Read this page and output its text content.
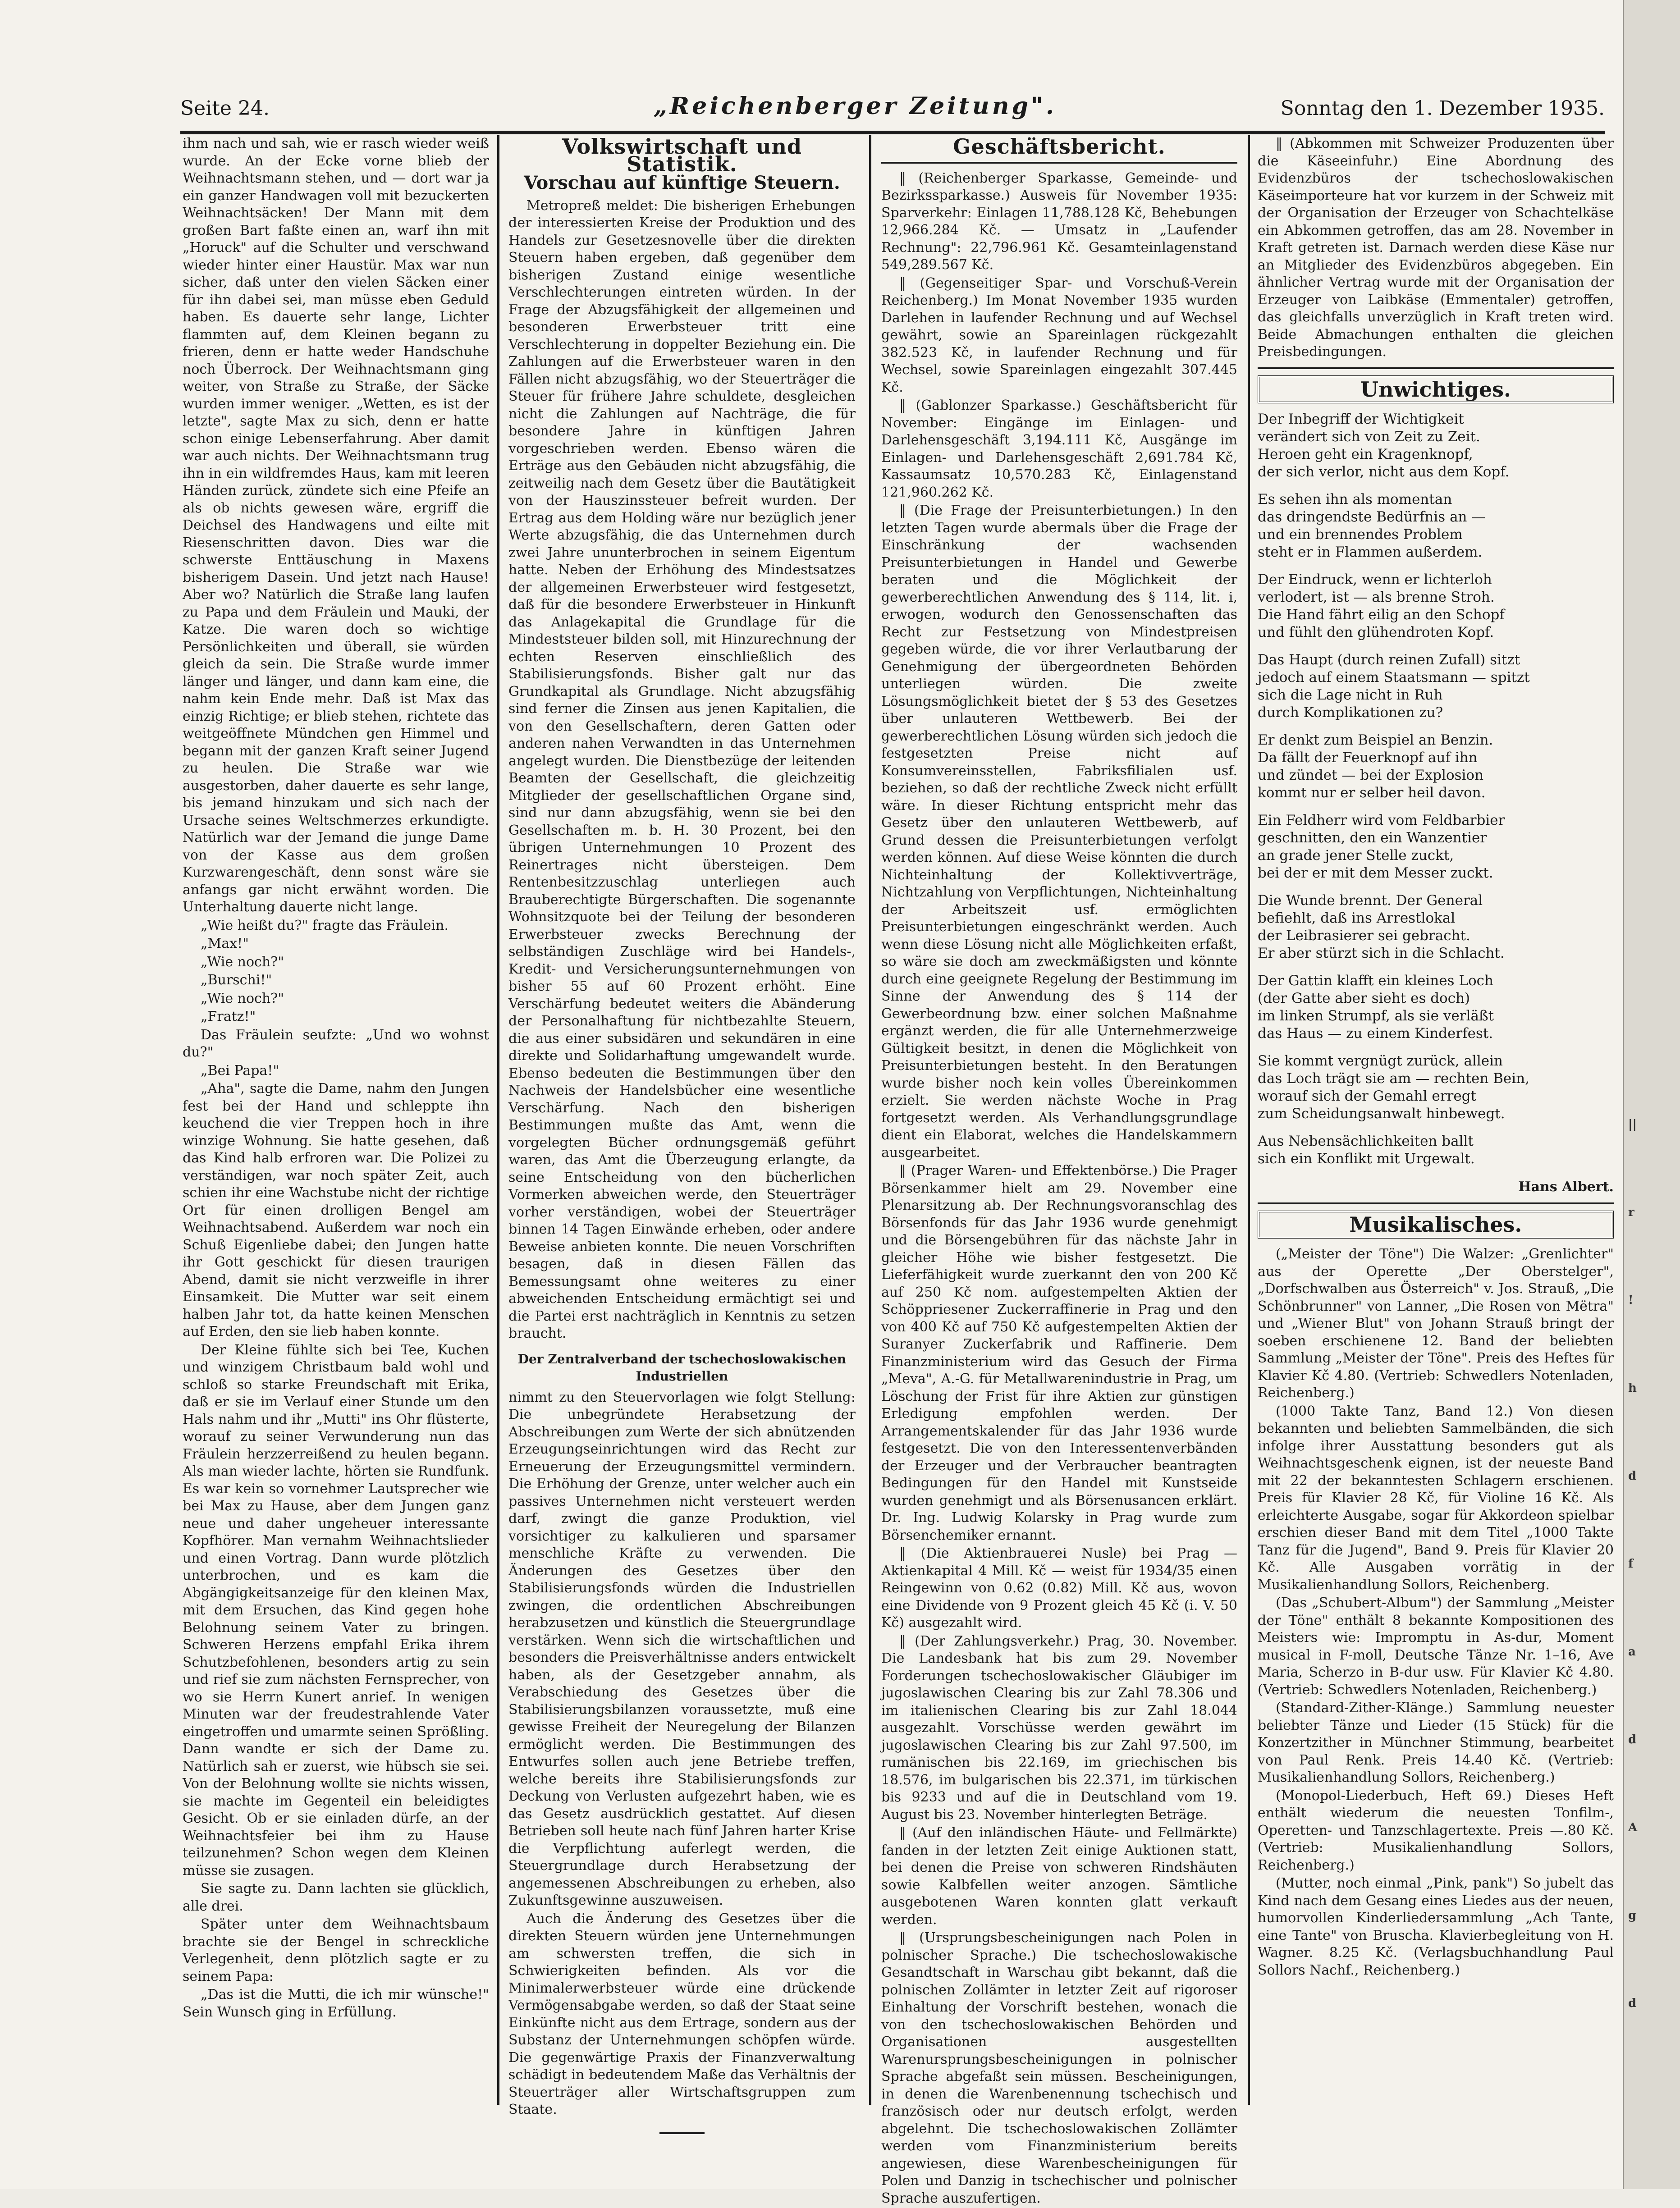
Seite 24.	„Reichenberger Zeitung".	Sonntag den 1. Dezember 1935.

ihm nach und sah, wie er rasch wieder weiß wurde. An der Ecke vorne blieb der Weihnachtsmann stehen, und — dort war ja ein ganzer Handwagen voll mit bezuckerten Weihnachtsäcken! Der Mann mit dem großen Bart faßte einen an, warf ihn mit „Horuck" auf die Schulter und verschwand wieder hinter einer Haustür. Max war nun sicher, daß unter den vielen Säcken einer für ihn dabei sei, man müsse eben Geduld haben. Es dauerte sehr lange, Lichter flammten auf, dem Kleinen begann zu frieren, denn er hatte weder Handschuhe noch Überrock. Der Weihnachtsmann ging weiter, von Straße zu Straße, der Säcke wurden immer weniger. „Wetten, es ist der letzte", sagte Max zu sich, denn er hatte schon einige Lebenserfahrung. Aber damit war auch nichts. Der Weihnachtsmann trug ihn in ein wildfremdes Haus, kam mit leeren Händen zurück, zündete sich eine Pfeife an als ob nichts gewesen wäre, ergriff die Deichsel des Handwagens und eilte mit Riesenschritten davon. Dies war die schwerste Enttäuschung in Maxens bisherigem Dasein. Und jetzt nach Hause! Aber wo? Natürlich die Straße lang laufen zu Papa und dem Fräulein und Mauki, der Katze. Die waren doch so wichtige Persönlichkeiten und überall, sie würden gleich da sein. Die Straße wurde immer länger und länger, und dann kam eine, die nahm kein Ende mehr. Daß ist Max das einzig Richtige; er blieb stehen, richtete das weitgeöffnete Mündchen gen Himmel und begann mit der ganzen Kraft seiner Jugend zu heulen. Die Straße war wie ausgestorben, daher dauerte es sehr lange, bis jemand hinzukam und sich nach der Ursache seines Weltschmerzes erkundigte. Natürlich war der Jemand die junge Dame von der Kasse aus dem großen Kurzwarengeschäft, denn sonst wäre sie anfangs gar nicht erwähnt worden. Die Unterhaltung dauerte nicht lange.

„Wie heißt du?" fragte das Fräulein.

„Max!"

„Wie noch?"

„Burschi!"

„Wie noch?"

„Fratz!"

Das Fräulein seufzte: „Und wo wohnst du?"

„Bei Papa!"

„Aha", sagte die Dame, nahm den Jungen fest bei der Hand und schleppte ihn keuchend die vier Treppen hoch in ihre winzige Wohnung. Sie hatte gesehen, daß das Kind halb erfroren war. Die Polizei zu verständigen, war noch später Zeit, auch schien ihr eine Wachstube nicht der richtige Ort für einen drolligen Bengel am Weihnachtsabend. Außerdem war noch ein Schuß Eigenliebe dabei; den Jungen hatte ihr Gott geschickt für diesen traurigen Abend, damit sie nicht verzweifle in ihrer Einsamkeit. Die Mutter war seit einem halben Jahr tot, da hatte keinen Menschen auf Erden, den sie lieb haben konnte.

Der Kleine fühlte sich bei Tee, Kuchen und winzigem Christbaum bald wohl und schloß so starke Freundschaft mit Erika, daß er sie im Verlauf einer Stunde um den Hals nahm und ihr „Mutti" ins Ohr flüsterte, worauf zu seiner Verwunderung nun das Fräulein herzzerreißend zu heulen begann. Als man wieder lachte, hörten sie Rundfunk. Es war kein so vornehmer Lautsprecher wie bei Max zu Hause, aber dem Jungen ganz neue und daher ungeheuer interessante Kopfhörer. Man vernahm Weihnachtslieder und einen Vortrag. Dann wurde plötzlich unterbrochen, und es kam die Abgängigkeitsanzeige für den kleinen Max, mit dem Ersuchen, das Kind gegen hohe Belohnung seinem Vater zu bringen. Schweren Herzens empfahl Erika ihrem Schutzbefohlenen, besonders artig zu sein und rief sie zum nächsten Fernsprecher, von wo sie Herrn Kunert anrief. In wenigen Minuten war der freudestrahlende Vater eingetroffen und umarmte seinen Sprößling. Dann wandte er sich der Dame zu. Natürlich sah er zuerst, wie hübsch sie sei. Von der Belohnung wollte sie nichts wissen, sie machte im Gegenteil ein beleidigtes Gesicht. Ob er sie einladen dürfe, an der Weihnachtsfeier bei ihm zu Hause teilzunehmen? Schon wegen dem Kleinen müsse sie zusagen.

Sie sagte zu. Dann lachten sie glücklich, alle drei.

Später unter dem Weihnachtsbaum brachte sie der Bengel in schreckliche Verlegenheit, denn plötzlich sagte er zu seinem Papa:

„Das ist die Mutti, die ich mir wünsche!" Sein Wunsch ging in Erfüllung.

Volkswirtschaft und Statistik.
Vorschau auf künftige Steuern.

Metropreß meldet: Die bisherigen Erhebungen der interessierten Kreise der Produktion und des Handels zur Gesetzesnovelle über die direkten Steuern haben ergeben, daß gegenüber dem bisherigen Zustand einige wesentliche Verschlechterungen eintreten würden. In der Frage der Abzugsfähigkeit der allgemeinen und besonderen Erwerbsteuer tritt eine Verschlechterung in doppelter Beziehung ein. Die Zahlungen auf die Erwerbsteuer waren in den Fällen nicht abzugsfähig, wo der Steuerträger die Steuer für frühere Jahre schuldete, desgleichen nicht die Zahlungen auf Nachträge, die für besondere Jahre in künftigen Jahren vorgeschrieben werden. Ebenso wären die Erträge aus den Gebäuden nicht abzugsfähig, die zeitweilig nach dem Gesetz über die Bautätigkeit von der Hauszinssteuer befreit wurden. Der Ertrag aus dem Holding wäre nur bezüglich jener Werte abzugsfähig, die das Unternehmen durch zwei Jahre ununterbrochen in seinem Eigentum hatte. Neben der Erhöhung des Mindestsatzes der allgemeinen Erwerbsteuer wird festgesetzt, daß für die besondere Erwerbsteuer in Hinkunft das Anlagekapital die Grundlage für die Mindeststeuer bilden soll, mit Hinzurechnung der echten Reserven einschließlich des Stabilisierungsfonds. Bisher galt nur das Grundkapital als Grundlage. Nicht abzugsfähig sind ferner die Zinsen aus jenen Kapitalien, die von den Gesellschaftern, deren Gatten oder anderen nahen Verwandten in das Unternehmen angelegt wurden. Die Dienstbezüge der leitenden Beamten der Gesellschaft, die gleichzeitig Mitglieder der gesellschaftlichen Organe sind, sind nur dann abzugsfähig, wenn sie bei den Gesellschaften m. b. H. 30 Prozent, bei den übrigen Unternehmungen 10 Prozent des Reinertrages nicht übersteigen. Dem Rentenbesitzzuschlag unterliegen auch Brauberechtigte Bürgerschaften. Die sogenannte Wohnsitzquote bei der Teilung der besonderen Erwerbsteuer zwecks Berechnung der selbständigen Zuschläge wird bei Handels-, Kredit- und Versicherungsunternehmungen von bisher 55 auf 60 Prozent erhöht. Eine Verschärfung bedeutet weiters die Abänderung der Personalhaftung für nichtbezahlte Steuern, die aus einer subsidären und sekundären in eine direkte und Solidarhaftung umgewandelt wurde. Ebenso bedeuten die Bestimmungen über den Nachweis der Handelsbücher eine wesentliche Verschärfung. Nach den bisherigen Bestimmungen mußte das Amt, wenn die vorgelegten Bücher ordnungsgemäß geführt waren, das Amt die Überzeugung erlangte, da seine Entscheidung von den bücherlichen Vormerken abweichen werde, den Steuerträger vorher verständigen, wobei der Steuerträger binnen 14 Tagen Einwände erheben, oder andere Beweise anbieten konnte. Die neuen Vorschriften besagen, daß in diesen Fällen das Bemessungsamt ohne weiteres zu einer abweichenden Entscheidung ermächtigt sei und die Partei erst nachträglich in Kenntnis zu setzen braucht.

Der Zentralverband der tschechoslowakischen Industriellen

nimmt zu den Steuervorlagen wie folgt Stellung: Die unbegründete Herabsetzung der Abschreibungen zum Werte der sich abnützenden Erzeugungseinrichtungen wird das Recht zur Erneuerung der Erzeugungsmittel vermindern. Die Erhöhung der Grenze, unter welcher auch ein passives Unternehmen nicht versteuert werden darf, zwingt die ganze Produktion, viel vorsichtiger zu kalkulieren und sparsamer menschliche Kräfte zu verwenden. Die Änderungen des Gesetzes über den Stabilisierungsfonds würden die Industriellen zwingen, die ordentlichen Abschreibungen herabzusetzen und künstlich die Steuergrundlage verstärken. Wenn sich die wirtschaftlichen und besonders die Preisverhältnisse anders entwickelt haben, als der Gesetzgeber annahm, als Verabschiedung des Gesetzes über die Stabilisierungsbilanzen voraussetzte, muß eine gewisse Freiheit der Neuregelung der Bilanzen ermöglicht werden. Die Bestimmungen des Entwurfes sollen auch jene Betriebe treffen, welche bereits ihre Stabilisierungsfonds zur Deckung von Verlusten aufgezehrt haben, wie es das Gesetz ausdrücklich gestattet. Auf diesen Betrieben soll heute nach fünf Jahren harter Krise die Verpflichtung auferlegt werden, die Steuergrundlage durch Herabsetzung der angemessenen Abschreibungen zu erheben, also Zukunftsgewinne auszuweisen.

Auch die Änderung des Gesetzes über die direkten Steuern würden jene Unternehmungen am schwersten treffen, die sich in Schwierigkeiten befinden. Als vor die Minimalerwerbsteuer würde eine drückende Vermögensabgabe werden, so daß der Staat seine Einkünfte nicht aus dem Ertrage, sondern aus der Substanz der Unternehmungen schöpfen würde. Die gegenwärtige Praxis der Finanzverwaltung schädigt in bedeutendem Maße das Verhältnis der Steuerträger aller Wirtschaftsgruppen zum Staate.

Geschäftsbericht.

‖ (Reichenberger Sparkasse, Gemeinde- und Bezirkssparkasse.) Ausweis für November 1935: Sparverkehr: Einlagen 11,788.128 Kč, Behebungen 12,966.284 Kč. — Umsatz in „Laufender Rechnung": 22,796.961 Kč. Gesamteinlagenstand 549,289.567 Kč.

‖ (Gegenseitiger Spar- und Vorschuß-Verein Reichenberg.) Im Monat November 1935 wurden Darlehen in laufender Rechnung und auf Wechsel gewährt, sowie an Spareinlagen rückgezahlt 382.523 Kč, in laufender Rechnung und für Wechsel, sowie Spareinlagen eingezahlt 307.445 Kč.

‖ (Gablonzer Sparkasse.) Geschäftsbericht für November: Eingänge im Einlagen- und Darlehensgeschäft 3,194.111 Kč, Ausgänge im Einlagen- und Darlehensgeschäft 2,691.784 Kč, Kassaumsatz 10,570.283 Kč, Einlagenstand 121,960.262 Kč.

‖ (Die Frage der Preisunterbietungen.) In den letzten Tagen wurde abermals über die Frage der Einschränkung der wachsenden Preisunterbietungen in Handel und Gewerbe beraten und die Möglichkeit der gewerberechtlichen Anwendung des § 114, lit. i, erwogen, wodurch den Genossenschaften das Recht zur Festsetzung von Mindestpreisen gegeben würde, die vor ihrer Verlautbarung der Genehmigung der übergeordneten Behörden unterliegen würden. Die zweite Lösungsmöglichkeit bietet der § 53 des Gesetzes über unlauteren Wettbewerb. Bei der gewerberechtlichen Lösung würden sich jedoch die festgesetzten Preise nicht auf Konsumvereinsstellen, Fabriksfilialen usf. beziehen, so daß der rechtliche Zweck nicht erfüllt wäre. In dieser Richtung entspricht mehr das Gesetz über den unlauteren Wettbewerb, auf Grund dessen die Preisunterbietungen verfolgt werden können. Auf diese Weise könnten die durch Nichteinhaltung der Kollektivverträge, Nichtzahlung von Verpflichtungen, Nichteinhaltung der Arbeitszeit usf. ermöglichten Preisunterbietungen eingeschränkt werden. Auch wenn diese Lösung nicht alle Möglichkeiten erfaßt, so wäre sie doch am zweckmäßigsten und könnte durch eine geeignete Regelung der Bestimmung im Sinne der Anwendung des § 114 der Gewerbeordnung bzw. einer solchen Maßnahme ergänzt werden, die für alle Unternehmerzweige Gültigkeit besitzt, in denen die Möglichkeit von Preisunterbietungen besteht. In den Beratungen wurde bisher noch kein volles Übereinkommen erzielt. Sie werden nächste Woche in Prag fortgesetzt werden. Als Verhandlungsgrundlage dient ein Elaborat, welches die Handelskammern ausgearbeitet.

‖ (Prager Waren- und Effektenbörse.) Die Prager Börsenkammer hielt am 29. November eine Plenarsitzung ab. Der Rechnungsvoranschlag des Börsenfonds für das Jahr 1936 wurde genehmigt und die Börsengebühren für das nächste Jahr in gleicher Höhe wie bisher festgesetzt. Die Lieferfähigkeit wurde zuerkannt den von 200 Kč auf 250 Kč nom. aufgestempelten Aktien der Schöppriesener Zuckerraffinerie in Prag und den von 400 Kč auf 750 Kč aufgestempelten Aktien der Suranyer Zuckerfabrik und Raffinerie. Dem Finanzministerium wird das Gesuch der Firma „Meva", A.-G. für Metallwarenindustrie in Prag, um Löschung der Frist für ihre Aktien zur günstigen Erledigung empfohlen werden. Der Arrangementskalender für das Jahr 1936 wurde festgesetzt. Die von den Interessentenverbänden der Erzeuger und der Verbraucher beantragten Bedingungen für den Handel mit Kunstseide wurden genehmigt und als Börsenusancen erklärt. Dr. Ing. Ludwig Kolarsky in Prag wurde zum Börsenchemiker ernannt.

‖ (Die Aktienbrauerei Nusle) bei Prag — Aktienkapital 4 Mill. Kč — weist für 1934/35 einen Reingewinn von 0.62 (0.82) Mill. Kč aus, wovon eine Dividende von 9 Prozent gleich 45 Kč (i. V. 50 Kč) ausgezahlt wird.

‖ (Der Zahlungsverkehr.) Prag, 30. November. Die Landesbank hat bis zum 29. November Forderungen tschechoslowakischer Gläubiger im jugoslawischen Clearing bis zur Zahl 78.306 und im italienischen Clearing bis zur Zahl 18.044 ausgezahlt. Vorschüsse werden gewährt im jugoslawischen Clearing bis zur Zahl 97.500, im rumänischen bis 22.169, im griechischen bis 18.576, im bulgarischen bis 22.371, im türkischen bis 9233 und auf die in Deutschland vom 19. August bis 23. November hinterlegten Beträge.

‖ (Auf den inländischen Häute- und Fellmärkte) fanden in der letzten Zeit einige Auktionen statt, bei denen die Preise von schweren Rindshäuten sowie Kalbfellen weiter anzogen. Sämtliche ausgebotenen Waren konnten glatt verkauft werden.

‖ (Ursprungsbescheinigungen nach Polen in polnischer Sprache.) Die tschechoslowakische Gesandtschaft in Warschau gibt bekannt, daß die polnischen Zollämter in letzter Zeit auf rigoroser Einhaltung der Vorschrift bestehen, wonach die von den tschechoslowakischen Behörden und Organisationen ausgestellten Warenursprungsbescheinigungen in polnischer Sprache abgefaßt sein müssen. Bescheinigungen, in denen die Warenbenennung tschechisch und französisch oder nur deutsch erfolgt, werden abgelehnt. Die tschechoslowakischen Zollämter werden vom Finanzministerium bereits angewiesen, diese Warenbescheinigungen für Polen und Danzig in tschechischer und polnischer Sprache auszufertigen.

‖ (Abkommen mit Schweizer Produzenten über die Käseeinfuhr.) Eine Abordnung des Evidenzbüros der tschechoslowakischen Käseimporteure hat vor kurzem in der Schweiz mit der Organisation der Erzeuger von Schachtelkäse ein Abkommen getroffen, das am 28. November in Kraft getreten ist. Darnach werden diese Käse nur an Mitglieder des Evidenzbüros abgegeben. Ein ähnlicher Vertrag wurde mit der Organisation der Erzeuger von Laibkäse (Emmentaler) getroffen, das gleichfalls unverzüglich in Kraft treten wird. Beide Abmachungen enthalten die gleichen Preisbedingungen.

Unwichtiges.

Der Inbegriff der Wichtigkeit

verändert sich von Zeit zu Zeit.

Heroen geht ein Kragenknopf,

der sich verlor, nicht aus dem Kopf.

Es sehen ihn als momentan

das dringendste Bedürfnis an —

und ein brennendes Problem

steht er in Flammen außerdem.

Der Eindruck, wenn er lichterloh

verlodert, ist — als brenne Stroh.

Die Hand fährt eilig an den Schopf

und fühlt den glühendroten Kopf.

Das Haupt (durch reinen Zufall) sitzt

jedoch auf einem Staatsmann — spitzt

sich die Lage nicht in Ruh

durch Komplikationen zu?

Er denkt zum Beispiel an Benzin.

Da fällt der Feuerknopf auf ihn

und zündet — bei der Explosion

kommt nur er selber heil davon.

Ein Feldherr wird vom Feldbarbier

geschnitten, den ein Wanzentier

an grade jener Stelle zuckt,

bei der er mit dem Messer zuckt.

Die Wunde brennt. Der General

befiehlt, daß ins Arrestlokal

der Leibrasierer sei gebracht.

Er aber stürzt sich in die Schlacht.

Der Gattin klafft ein kleines Loch

(der Gatte aber sieht es doch)

im linken Strumpf, als sie verläßt

das Haus — zu einem Kinderfest.

Sie kommt vergnügt zurück, allein

das Loch trägt sie am — rechten Bein,

worauf sich der Gemahl erregt

zum Scheidungsanwalt hinbewegt.

Aus Nebensächlichkeiten ballt

sich ein Konflikt mit Urgewalt.

Hans Albert.
Musikalisches.

(„Meister der Töne") Die Walzer: „Grenlichter" aus der Operette „Der Oberstelger", „Dorfschwalben aus Österreich" v. Jos. Strauß, „Die Schönbrunner" von Lanner, „Die Rosen von Mëtra" und „Wiener Blut" von Johann Strauß bringt der soeben erschienene 12. Band der beliebten Sammlung „Meister der Töne". Preis des Heftes für Klavier Kč 4.80. (Vertrieb: Schwedlers Notenladen, Reichenberg.)

(1000 Takte Tanz, Band 12.) Von diesen bekannten und beliebten Sammelbänden, die sich infolge ihrer Ausstattung besonders gut als Weihnachtsgeschenk eignen, ist der neueste Band mit 22 der bekanntesten Schlagern erschienen. Preis für Klavier 28 Kč, für Violine 16 Kč. Als erleichterte Ausgabe, sogar für Akkordeon spielbar erschien dieser Band mit dem Titel „1000 Takte Tanz für die Jugend", Band 9. Preis für Klavier 20 Kč. Alle Ausgaben vorrätig in der Musikalienhandlung Sollors, Reichenberg.

(Das „Schubert-Album") der Sammlung „Meister der Töne" enthält 8 bekannte Kompositionen des Meisters wie: Impromptu in As-dur, Moment musical in F-moll, Deutsche Tänze Nr. 1–16, Ave Maria, Scherzo in B-dur usw. Für Klavier Kč 4.80. (Vertrieb: Schwedlers Notenladen, Reichenberg.)

(Standard-Zither-Klänge.) Sammlung neuester beliebter Tänze und Lieder (15 Stück) für die Konzertzither in Münchner Stimmung, bearbeitet von Paul Renk. Preis 14.40 Kč. (Vertrieb: Musikalienhandlung Sollors, Reichenberg.)

(Monopol-Liederbuch, Heft 69.) Dieses Heft enthält wiederum die neuesten Tonfilm-, Operetten- und Tanzschlagertexte. Preis —.80 Kč. (Vertrieb: Musikalienhandlung Sollors, Reichenberg.)

(Mutter, noch einmal „Pink, pank") So jubelt das Kind nach dem Gesang eines Liedes aus der neuen, humorvollen Kinderliedersammlung „Ach Tante, eine Tante" von Bruscha. Klavierbegleitung von H. Wagner. 8.25 Kč. (Verlagsbuchhandlung Paul Sollors Nachf., Reichenberg.)

||
r
!
h
d
f
a
d
A
g
d
